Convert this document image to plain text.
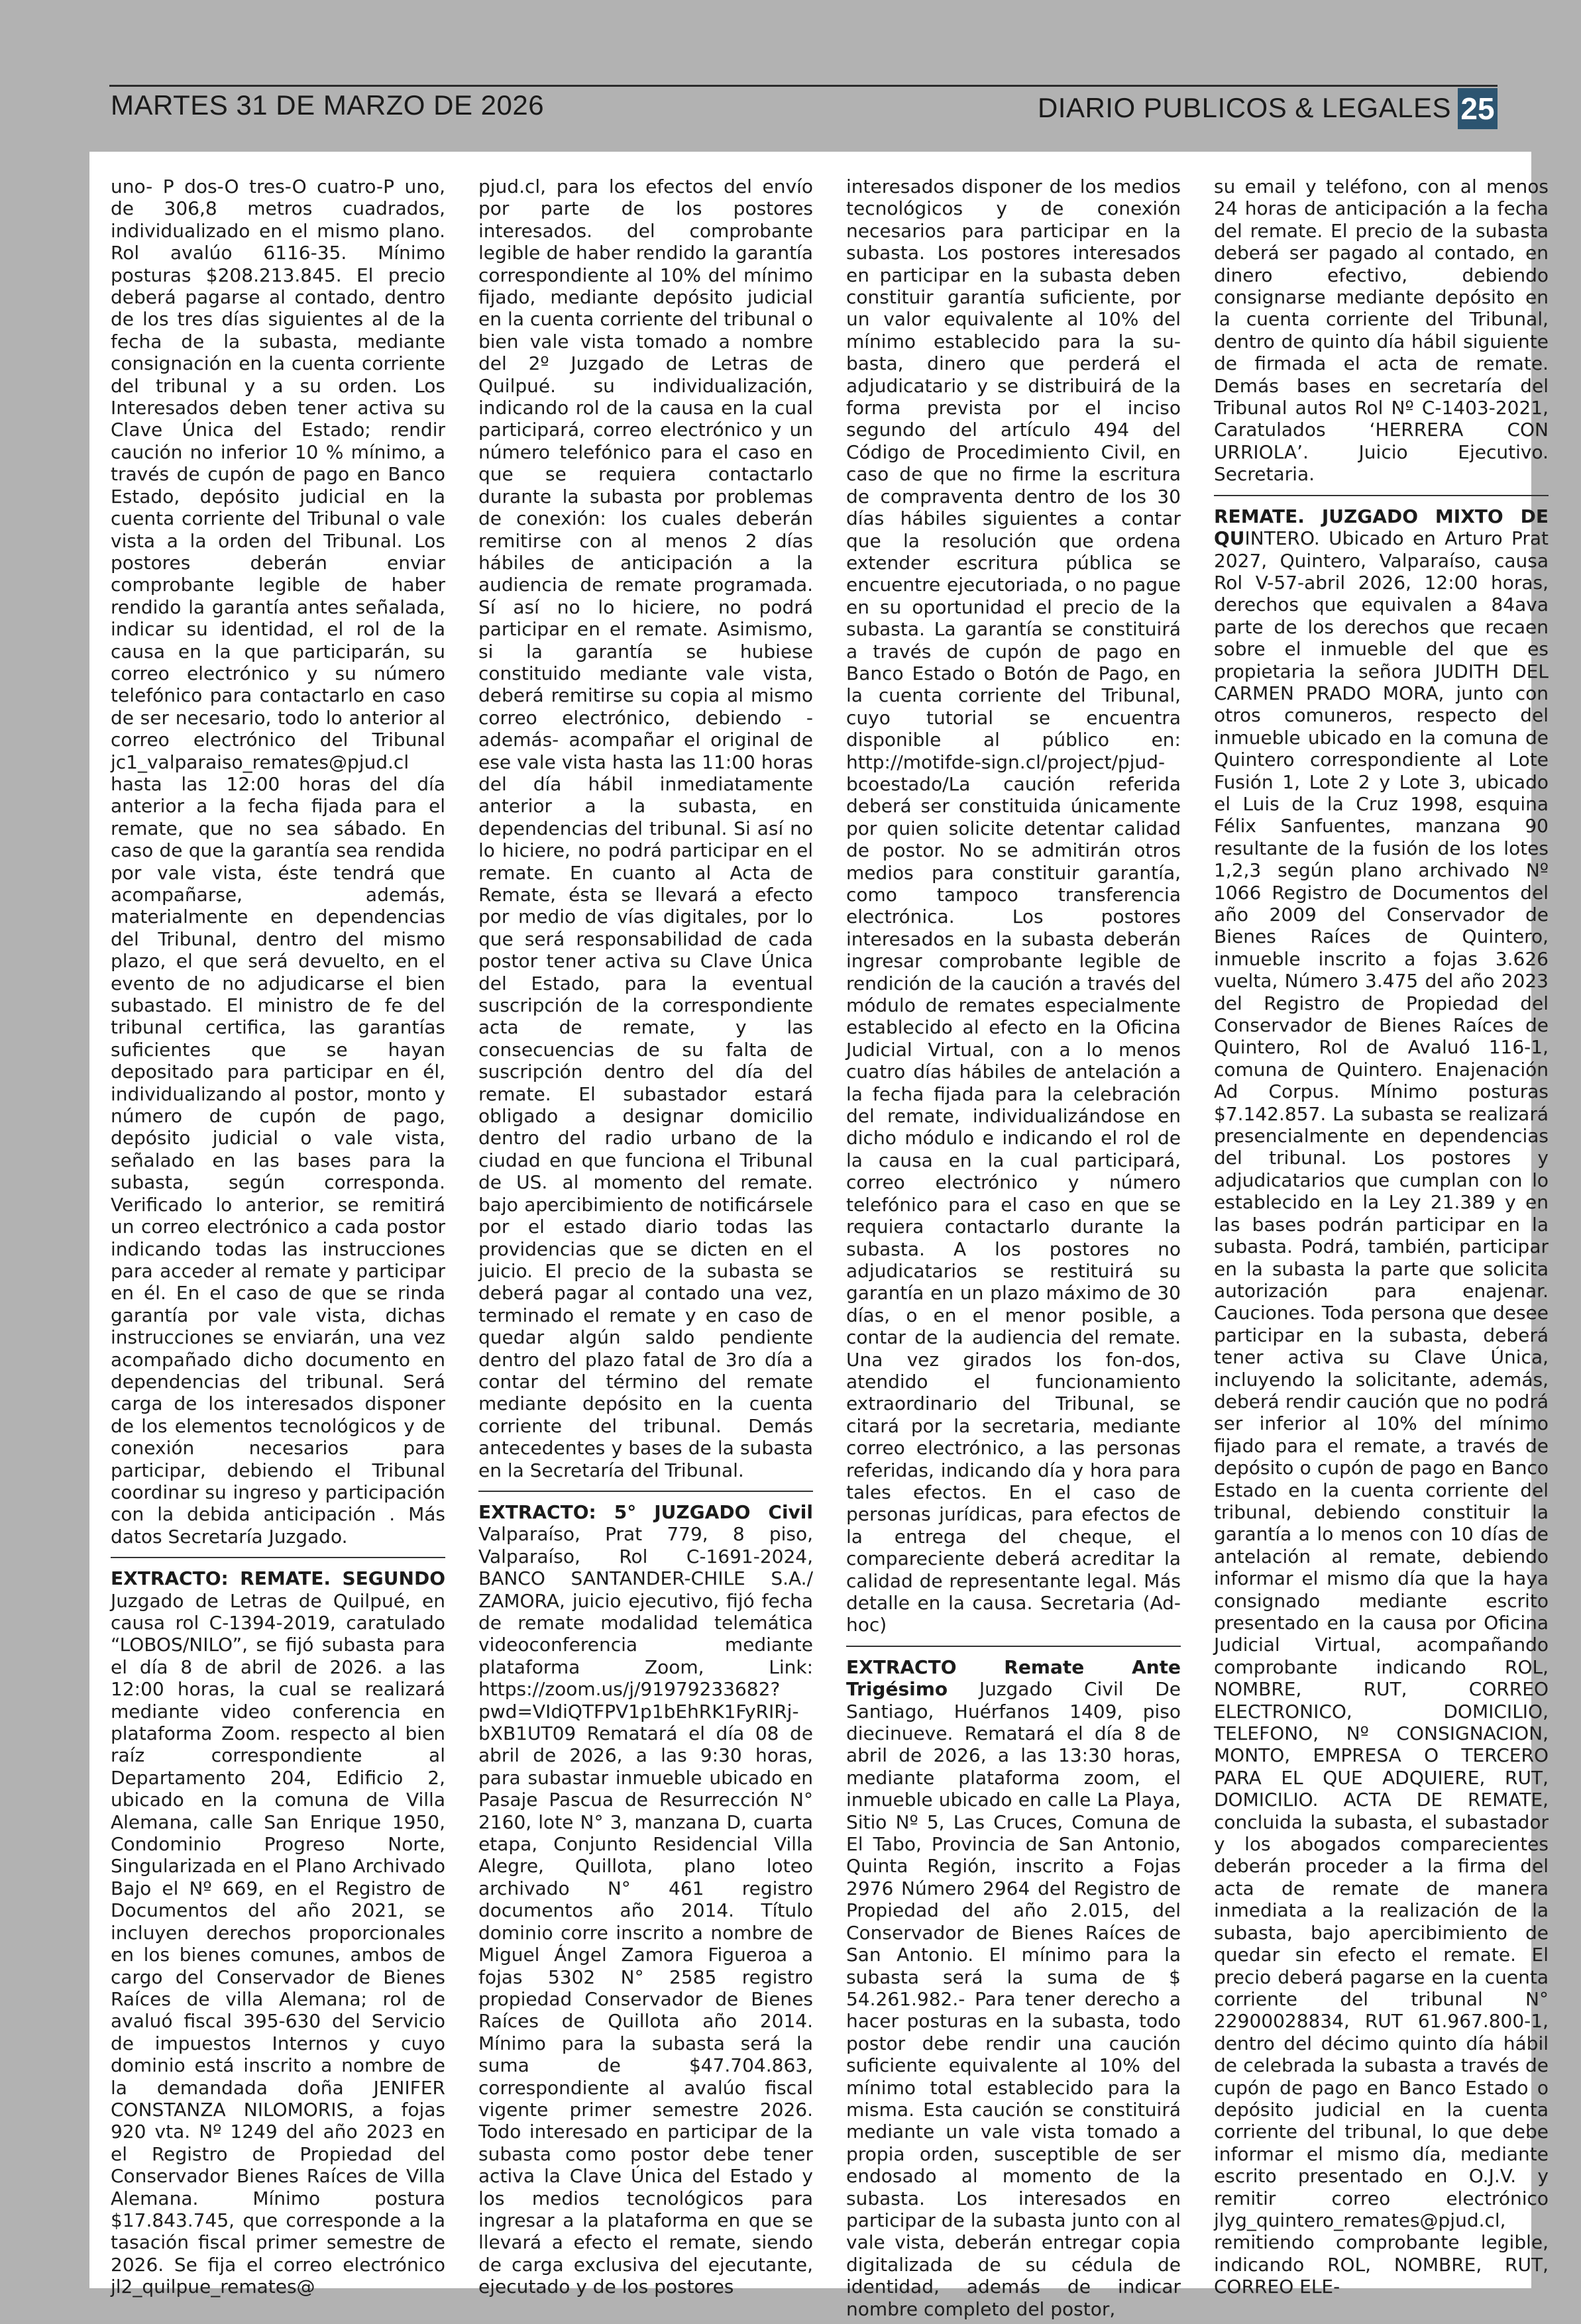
MARTES 31 DE MARZO DE 2026	DIARIO PUBLICOS & LEGALES 25

uno- P dos-O tres-O cuatro-P uno, de 306,8 metros cuadrados, individualizado en el mismo plano. Rol avalúo 6116-35. Mínimo posturas $208.213.845. El precio deberá pagarse al contado, dentro de los tres días siguientes al de la fecha de la subasta, mediante consignación en la cuenta corriente del tribunal y a su orden. Los Interesados deben tener activa su Clave Única del Estado; rendir caución no inferior 10 % mínimo, a través de cupón de pago en Banco Estado, depósito judicial en la cuenta corriente del Tribunal o vale vista a la orden del Tribunal. Los postores deberán enviar comprobante legible de haber rendido la garantía antes señalada, indicar su identidad, el rol de la causa en la que participarán, su correo electrónico y su número telefónico para contactarlo en caso de ser necesario, todo lo anterior al correo electrónico del Tribunal jc1_valparaiso_remates@pjud.cl hasta las 12:00 horas del día anterior a la fecha fijada para el remate, que no sea sábado. En caso de que la garantía sea rendida por vale vista, éste tendrá que acompañarse, además, materialmente en dependencias del Tribunal, dentro del mismo plazo, el que será devuelto, en el evento de no adjudicarse el bien subastado. El ministro de fe del tribunal certifica, las garantías suficientes que se hayan depositado para participar en él, individualizando al postor, monto y número de cupón de pago, depósito judicial o vale vista, señalado en las bases para la subasta, según corresponda. Verificado lo anterior, se remitirá un correo electrónico a cada postor indicando todas las instrucciones para acceder al remate y participar en él. En el caso de que se rinda garantía por vale vista, dichas instrucciones se enviarán, una vez acompañado dicho documento en dependencias del tribunal. Será carga de los interesados disponer de los elementos tecnológicos y de conexión necesarios para participar, debiendo el Tribunal coordinar su ingreso y participación con la debida anticipación . Más datos Secretaría Juzgado.

EXTRACTO: REMATE. SEGUNDO Juzgado de Letras de Quilpué, en causa rol C-1394-2019, caratulado “LOBOS/NILO”, se fijó subasta para el día 8 de abril de 2026. a las 12:00 horas, la cual se realizará mediante video conferencia en plataforma Zoom. respecto al bien raíz correspondiente al Departamento 204, Edificio 2, ubicado en la comuna de Villa Alemana, calle San Enrique 1950, Condominio Progreso Norte, Singularizada en el Plano Archivado Bajo el Nº 669, en el Registro de Documentos del año 2021, se incluyen derechos proporcionales en los bienes comunes, ambos de cargo del Conservador de Bienes Raíces de villa Alemana; rol de avaluó fiscal 395-630 del Servicio de impuestos Internos y cuyo dominio está inscrito a nombre de la demandada doña JENIFER CONSTANZA NILOMORIS, a fojas 920 vta. Nº 1249 del año 2023 en el Registro de Propiedad del Conservador Bienes Raíces de Villa Alemana. Mínimo postura $17.843.745, que corresponde a la tasación fiscal primer semestre de 2026. Se fija el correo electrónico jl2_quilpue_remates@

pjud.cl, para los efectos del envío por parte de los postores interesados. del comprobante legible de haber rendido la garantía correspondiente al 10% del mínimo fijado, mediante depósito judicial en la cuenta corriente del tribunal o bien vale vista tomado a nombre del 2º Juzgado de Letras de Quilpué. su individualización, indicando rol de la causa en la cual participará, correo electrónico y un número telefónico para el caso en que se requiera contactarlo durante la subasta por problemas de conexión: los cuales deberán remitirse con al menos 2 días hábiles de anticipación a la audiencia de remate programada. Sí así no lo hiciere, no podrá participar en el remate. Asimismo, si la garantía se hubiese constituido mediante vale vista, deberá remitirse su copia al mismo correo electrónico, debiendo - además- acompañar el original de ese vale vista hasta las 11:00 horas del día hábil inmediatamente anterior a la subasta, en dependencias del tribunal. Si así no lo hiciere, no podrá participar en el remate. En cuanto al Acta de Remate, ésta se llevará a efecto por medio de vías digitales, por lo que será responsabilidad de cada postor tener activa su Clave Única del Estado, para la eventual suscripción de la correspondiente acta de remate, y las consecuencias de su falta de suscripción dentro del día del remate. El subastador estará obligado a designar domicilio dentro del radio urbano de la ciudad en que funciona el Tribunal de US. al momento del remate. bajo apercibimiento de notificársele por el estado diario todas las providencias que se dicten en el juicio. El precio de la subasta se deberá pagar al contado una vez, terminado el remate y en caso de quedar algún saldo pendiente dentro del plazo fatal de 3ro día a contar del término del remate mediante depósito en la cuenta corriente del tribunal. Demás antecedentes y bases de la subasta en la Secretaría del Tribunal.

EXTRACTO: 5° JUZGADO Civil Valparaíso, Prat 779, 8 piso, Valparaíso, Rol C-1691-2024, BANCO SANTANDER-CHILE S.A./ ZAMORA, juicio ejecutivo, fijó fecha de remate modalidad telemática videoconferencia mediante plataforma Zoom, Link: https://zoom.us/j/91979233682?pwd=VIdiQTFPV1p1bEhRK1FyRIRj-bXB1UT09 Rematará el día 08 de abril de 2026, a las 9:30 horas, para subastar inmueble ubicado en Pasaje Pascua de Resurrección N° 2160, lote N° 3, manzana D, cuarta etapa, Conjunto Residencial Villa Alegre, Quillota, plano loteo archivado N° 461 registro documentos año 2014. Título dominio corre inscrito a nombre de Miguel Ángel Zamora Figueroa a fojas 5302 N° 2585 registro propiedad Conservador de Bienes Raíces de Quillota año 2014. Mínimo para la subasta será la suma de $47.704.863, correspondiente al avalúo fiscal vigente primer semestre 2026. Todo interesado en participar de la subasta como postor debe tener activa la Clave Única del Estado y los medios tecnológicos para ingresar a la plataforma en que se llevará a efecto el remate, siendo de carga exclusiva del ejecutante, ejecutado y de los postores

interesados disponer de los medios tecnológicos y de conexión necesarios para participar en la subasta. Los postores interesados en participar en la subasta deben constituir garantía suficiente, por un valor equivalente al 10% del mínimo establecido para la su-basta, dinero que perderá el adjudicatario y se distribuirá de la forma prevista por el inciso segundo del artículo 494 del Código de Procedimiento Civil, en caso de que no firme la escritura de compraventa dentro de los 30 días hábiles siguientes a contar que la resolución que ordena extender escritura pública se encuentre ejecutoriada, o no pague en su oportunidad el precio de la subasta. La garantía se constituirá a través de cupón de pago en Banco Estado o Botón de Pago, en la cuenta corriente del Tribunal, cuyo tutorial se encuentra disponible al público en: http://motifde-sign.cl/project/pjud-bcoestado/La caución referida deberá ser constituida únicamente por quien solicite detentar calidad de postor. No se admitirán otros medios para constituir garantía, como tampoco transferencia electrónica. Los postores interesados en la subasta deberán ingresar comprobante legible de rendición de la caución a través del módulo de remates especialmente establecido al efecto en la Oficina Judicial Virtual, con a lo menos cuatro días hábiles de antelación a la fecha fijada para la celebración del remate, individualizándose en dicho módulo e indicando el rol de la causa en la cual participará, correo electrónico y número telefónico para el caso en que se requiera contactarlo durante la subasta. A los postores no adjudicatarios se restituirá su garantía en un plazo máximo de 30 días, o en el menor posible, a contar de la audiencia del remate. Una vez girados los fon-dos, atendido el funcionamiento extraordinario del Tribunal, se citará por la secretaria, mediante correo electrónico, a las personas referidas, indicando día y hora para tales efectos. En el caso de personas jurídicas, para efectos de la entrega del cheque, el compareciente deberá acreditar la calidad de representante legal. Más detalle en la causa. Secretaria (Ad-hoc)

EXTRACTO Remate Ante Trigésimo Juzgado Civil De Santiago, Huérfanos 1409, piso diecinueve. Rematará el día 8 de abril de 2026, a las 13:30 horas, mediante plataforma zoom, el inmueble ubicado en calle La Playa, Sitio Nº 5, Las Cruces, Comuna de El Tabo, Provincia de San Antonio, Quinta Región, inscrito a Fojas 2976 Número 2964 del Registro de Propiedad del año 2.015, del Conservador de Bienes Raíces de San Antonio. El mínimo para la subasta será la suma de $ 54.261.982.- Para tener derecho a hacer posturas en la subasta, todo postor debe rendir una caución suficiente equivalente al 10% del mínimo total establecido para la misma. Esta caución se constituirá mediante un vale vista tomado a propia orden, susceptible de ser endosado al momento de la subasta. Los interesados en participar de la subasta junto con al vale vista, deberán entregar copia digitalizada de su cédula de identidad, además de indicar nombre completo del postor,

su email y teléfono, con al menos 24 horas de anticipación a la fecha del remate. El precio de la subasta deberá ser pagado al contado, en dinero efectivo, debiendo consignarse mediante depósito en la cuenta corriente del Tribunal, dentro de quinto día hábil siguiente de firmada el acta de remate. Demás bases en secretaría del Tribunal autos Rol Nº C-1403-2021, Caratulados ‘HERRERA CON URRIOLA’. Juicio Ejecutivo. Secretaria.

REMATE. JUZGADO MIXTO DE QUINTERO. Ubicado en Arturo Prat 2027, Quintero, Valparaíso, causa Rol V-57-abril 2026, 12:00 horas, derechos que equivalen a 84ava parte de los derechos que recaen sobre el inmueble del que es propietaria la señora JUDITH DEL CARMEN PRADO MORA, junto con otros comuneros, respecto del inmueble ubicado en la comuna de Quintero correspondiente al Lote Fusión 1, Lote 2 y Lote 3, ubicado el Luis de la Cruz 1998, esquina Félix Sanfuentes, manzana 90 resultante de la fusión de los lotes 1,2,3 según plano archivado Nº 1066 Registro de Documentos del año 2009 del Conservador de Bienes Raíces de Quintero, inmueble inscrito a fojas 3.626 vuelta, Número 3.475 del año 2023 del Registro de Propiedad del Conservador de Bienes Raíces de Quintero, Rol de Avaluó 116-1, comuna de Quintero. Enajenación Ad Corpus. Mínimo posturas $7.142.857. La subasta se realizará presencialmente en dependencias del tribunal. Los postores y adjudicatarios que cumplan con lo establecido en la Ley 21.389 y en las bases podrán participar en la subasta. Podrá, también, participar en la subasta la parte que solicita autorización para enajenar. Cauciones. Toda persona que desee participar en la subasta, deberá tener activa su Clave Única, incluyendo la solicitante, además, deberá rendir caución que no podrá ser inferior al 10% del mínimo fijado para el remate, a través de depósito o cupón de pago en Banco Estado en la cuenta corriente del tribunal, debiendo constituir la garantía a lo menos con 10 días de antelación al remate, debiendo informar el mismo día que la haya consignado mediante escrito presentado en la causa por Oficina Judicial Virtual, acompañando comprobante indicando ROL, NOMBRE, RUT, CORREO ELECTRONICO, DOMICILIO, TELEFONO, Nº CONSIGNACION, MONTO, EMPRESA O TERCERO PARA EL QUE ADQUIERE, RUT, DOMICILIO. ACTA DE REMATE, concluida la subasta, el subastador y los abogados comparecientes deberán proceder a la firma del acta de remate de manera inmediata a la realización de la subasta, bajo apercibimiento de quedar sin efecto el remate. El precio deberá pagarse en la cuenta corriente del tribunal N° 22900028834, RUT 61.967.800-1, dentro del décimo quinto día hábil de celebrada la subasta a través de cupón de pago en Banco Estado o depósito judicial en la cuenta corriente del tribunal, lo que debe informar el mismo día, mediante escrito presentado en O.J.V. y remitir correo electrónico jlyg_quintero_remates@pjud.cl, remitiendo comprobante legible, indicando ROL, NOMBRE, RUT, CORREO ELE-
